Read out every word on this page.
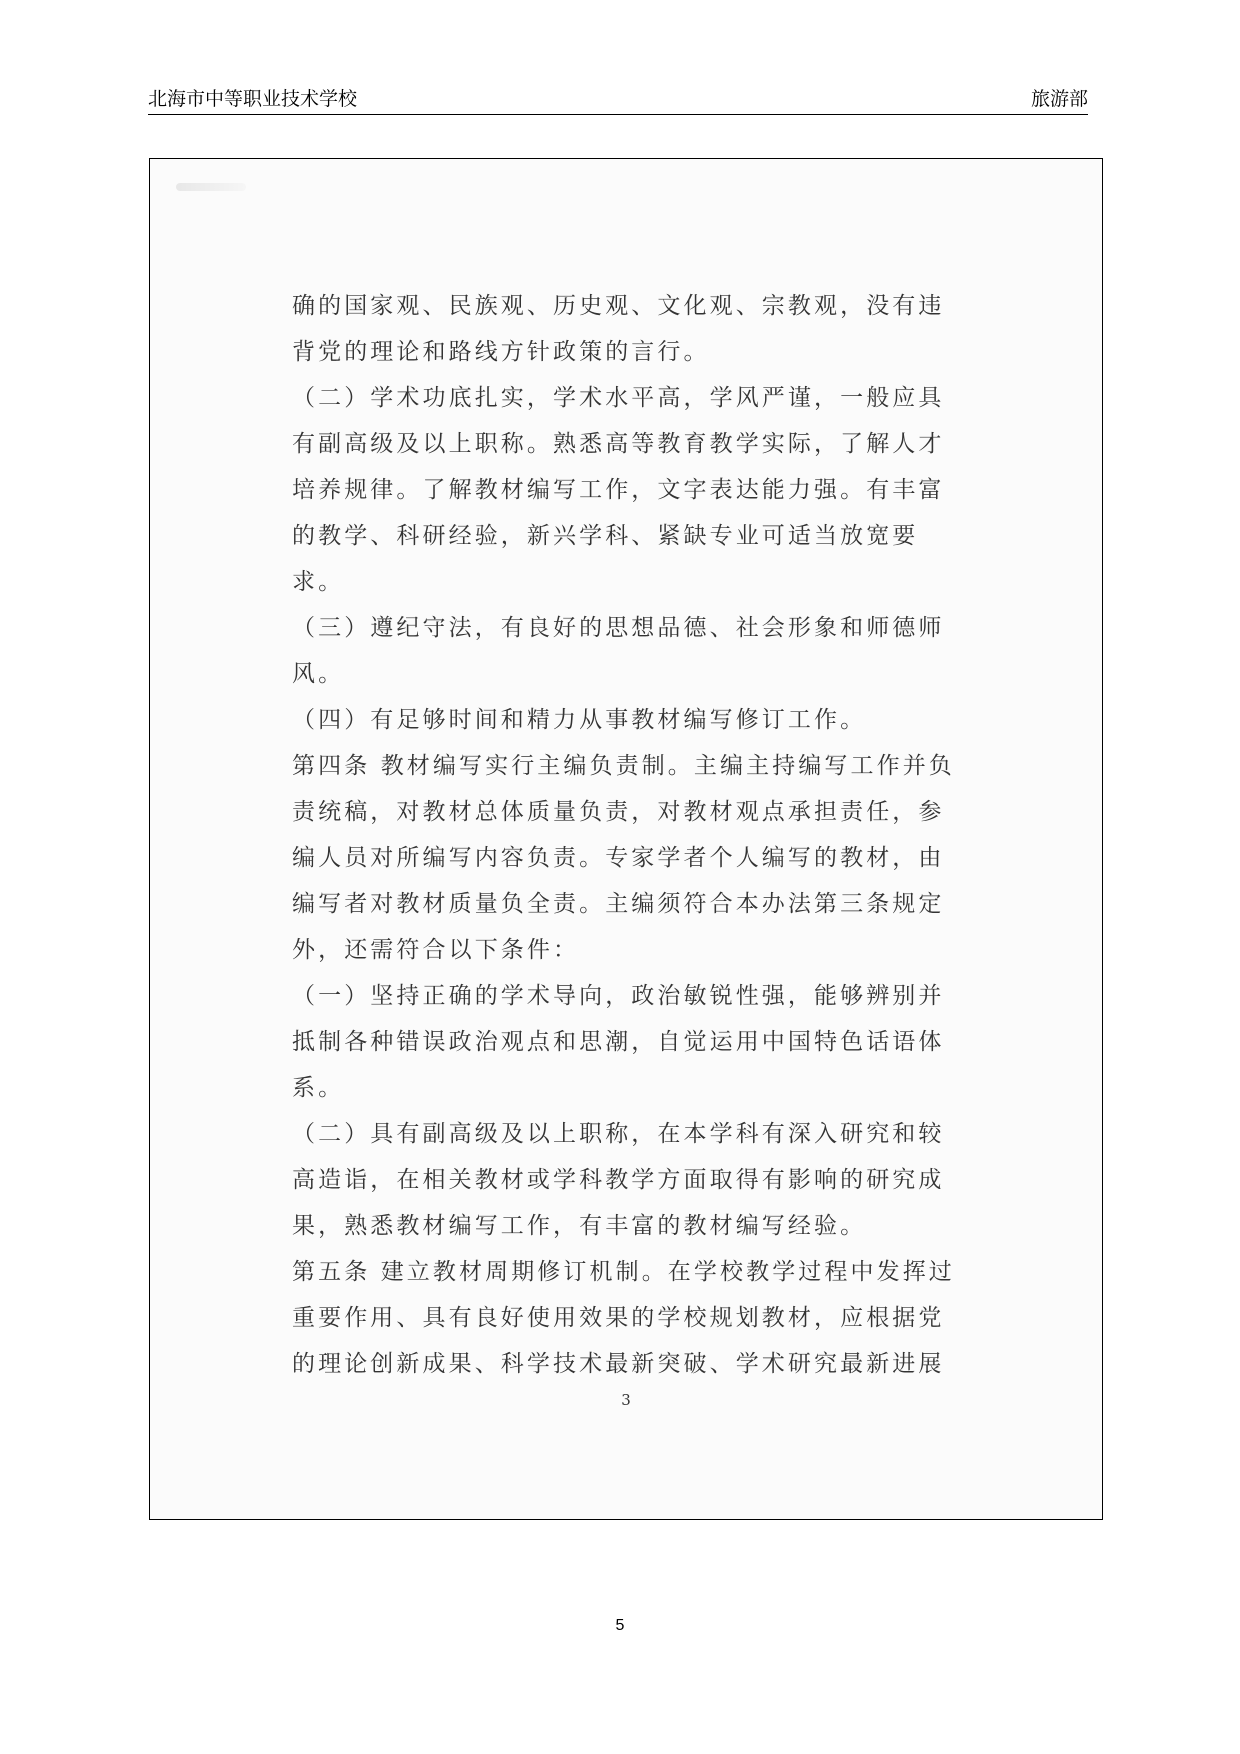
北海市中等职业技术学校	旅游部
确的国家观、民族观、历史观、文化观、宗教观，没有违
背党的理论和路线方针政策的言行。
（二）学术功底扎实，学术水平高，学风严谨，一般应具
有副高级及以上职称。熟悉高等教育教学实际，了解人才
培养规律。了解教材编写工作，文字表达能力强。有丰富
的教学、科研经验，新兴学科、紧缺专业可适当放宽要
求。
（三）遵纪守法，有良好的思想品德、社会形象和师德师
风。
（四）有足够时间和精力从事教材编写修订工作。
第四条 教材编写实行主编负责制。主编主持编写工作并负
责统稿，对教材总体质量负责，对教材观点承担责任，参
编人员对所编写内容负责。专家学者个人编写的教材，由
编写者对教材质量负全责。主编须符合本办法第三条规定
外，还需符合以下条件：
（一）坚持正确的学术导向，政治敏锐性强，能够辨别并
抵制各种错误政治观点和思潮，自觉运用中国特色话语体
系。
（二）具有副高级及以上职称，在本学科有深入研究和较
高造诣，在相关教材或学科教学方面取得有影响的研究成
果，熟悉教材编写工作，有丰富的教材编写经验。
第五条 建立教材周期修订机制。在学校教学过程中发挥过
重要作用、具有良好使用效果的学校规划教材，应根据党
的理论创新成果、科学技术最新突破、学术研究最新进展
3
5
